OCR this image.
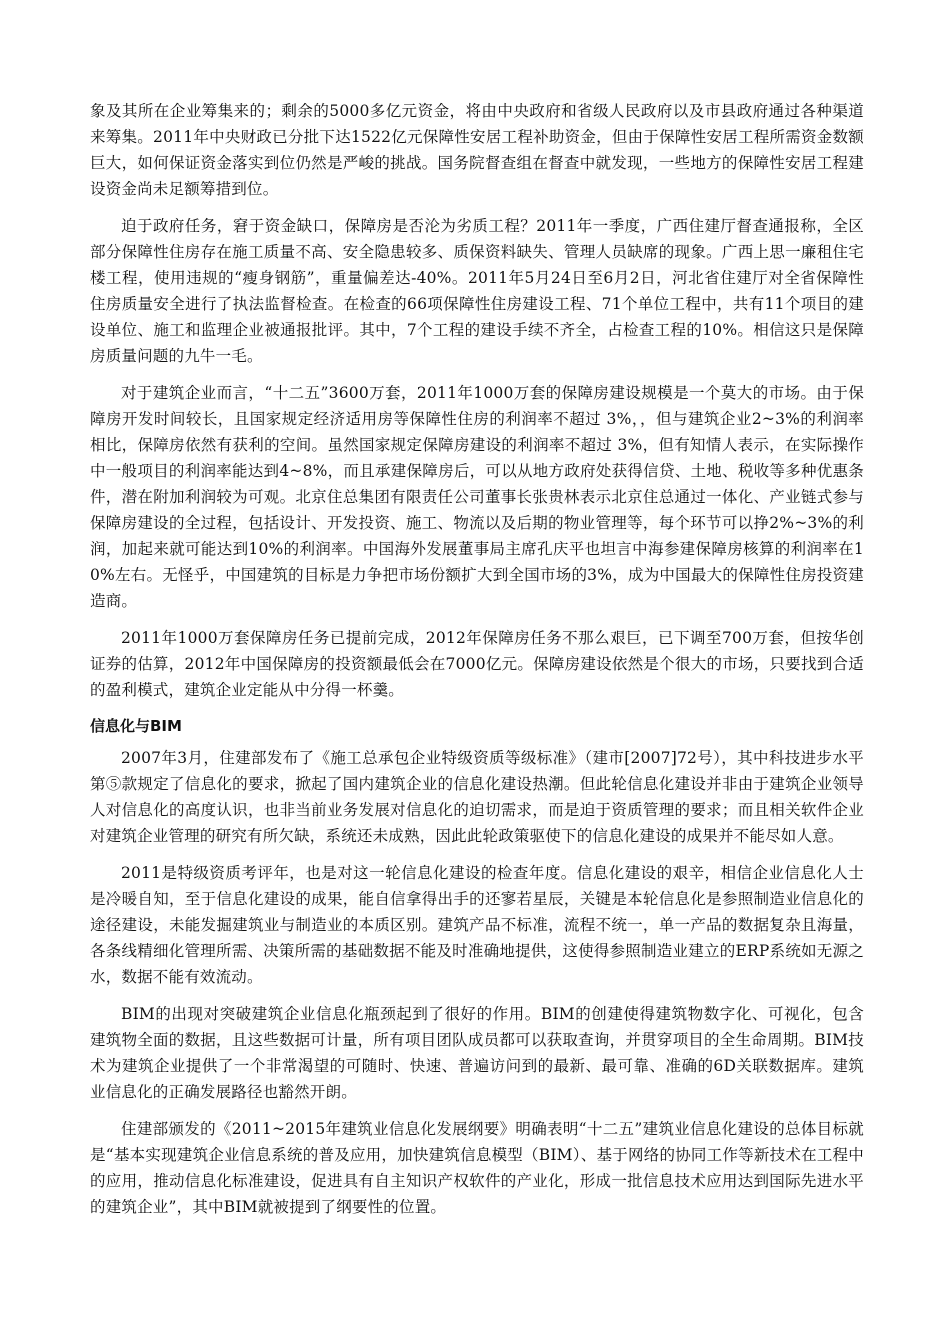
象及其所在企业筹集来的；剩余的5000多亿元资金，将由中央政府和省级人民政府以及市县政府通过各种渠道来筹集。2011年中央财政已分批下达1522亿元保障性安居工程补助资金，但由于保障性安居工程所需资金数额巨大，如何保证资金落实到位仍然是严峻的挑战。国务院督查组在督查中就发现，一些地方的保障性安居工程建设资金尚未足额筹措到位。

迫于政府任务，窘于资金缺口，保障房是否沦为劣质工程？2011年一季度，广西住建厅督查通报称，全区部分保障性住房存在施工质量不高、安全隐患较多、质保资料缺失、管理人员缺席的现象。广西上思一廉租住宅楼工程，使用违规的“瘦身钢筋”，重量偏差达-40%。2011年5月24日至6月2日，河北省住建厅对全省保障性住房质量安全进行了执法监督检查。在检查的66项保障性住房建设工程、71个单位工程中，共有11个项目的建设单位、施工和监理企业被通报批评。其中，7个工程的建设手续不齐全，占检查工程的10%。相信这只是保障房质量问题的九牛一毛。

对于建筑企业而言，“十二五”3600万套，2011年1000万套的保障房建设规模是一个莫大的市场。由于保障房开发时间较长，且国家规定经济适用房等保障性住房的利润率不超过 3%，，但与建筑企业2~3%的利润率相比，保障房依然有获利的空间。虽然国家规定保障房建设的利润率不超过 3%，但有知情人表示，在实际操作中一般项目的利润率能达到4~8%，而且承建保障房后，可以从地方政府处获得信贷、土地、税收等多种优惠条件，潜在附加利润较为可观。北京住总集团有限责任公司董事长张贵林表示北京住总通过一体化、产业链式参与保障房建设的全过程，包括设计、开发投资、施工、物流以及后期的物业管理等，每个环节可以挣2%~3%的利润，加起来就可能达到10%的利润率。中国海外发展董事局主席孔庆平也坦言中海参建保障房核算的利润率在10%左右。无怪乎，中国建筑的目标是力争把市场份额扩大到全国市场的3%，成为中国最大的保障性住房投资建造商。

2011年1000万套保障房任务已提前完成，2012年保障房任务不那么艰巨，已下调至700万套，但按华创证券的估算，2012年中国保障房的投资额最低会在7000亿元。保障房建设依然是个很大的市场，只要找到合适的盈利模式，建筑企业定能从中分得一杯羹。

信息化与BIM

2007年3月，住建部发布了《施工总承包企业特级资质等级标准》（建市[2007]72号），其中科技进步水平第⑤款规定了信息化的要求，掀起了国内建筑企业的信息化建设热潮。但此轮信息化建设并非由于建筑企业领导人对信息化的高度认识，也非当前业务发展对信息化的迫切需求，而是迫于资质管理的要求；而且相关软件企业对建筑企业管理的研究有所欠缺，系统还未成熟，因此此轮政策驱使下的信息化建设的成果并不能尽如人意。

2011是特级资质考评年，也是对这一轮信息化建设的检查年度。信息化建设的艰辛，相信企业信息化人士是冷暖自知，至于信息化建设的成果，能自信拿得出手的还寥若星辰，关键是本轮信息化是参照制造业信息化的途径建设，未能发掘建筑业与制造业的本质区别。建筑产品不标准，流程不统一，单一产品的数据复杂且海量，各条线精细化管理所需、决策所需的基础数据不能及时准确地提供，这使得参照制造业建立的ERP系统如无源之水，数据不能有效流动。

BIM的出现对突破建筑企业信息化瓶颈起到了很好的作用。BIM的创建使得建筑物数字化、可视化，包含建筑物全面的数据，且这些数据可计量，所有项目团队成员都可以获取查询，并贯穿项目的全生命周期。BIM技术为建筑企业提供了一个非常渴望的可随时、快速、普遍访问到的最新、最可靠、准确的6D关联数据库。建筑业信息化的正确发展路径也豁然开朗。

住建部颁发的《2011~2015年建筑业信息化发展纲要》明确表明“十二五”建筑业信息化建设的总体目标就是“基本实现建筑企业信息系统的普及应用，加快建筑信息模型（BIM）、基于网络的协同工作等新技术在工程中的应用，推动信息化标准建设，促进具有自主知识产权软件的产业化，形成一批信息技术应用达到国际先进水平的建筑企业”，其中BIM就被提到了纲要性的位置。
